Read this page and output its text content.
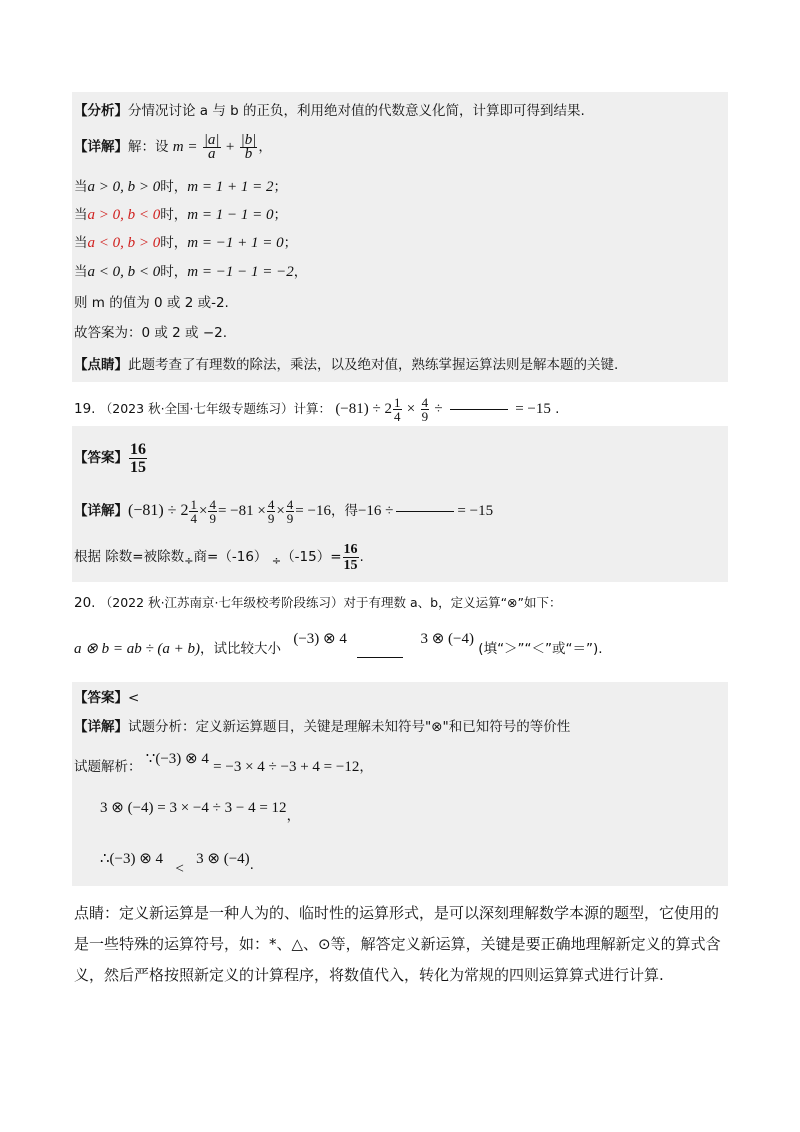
【分析】分情况讨论 a 与 b 的正负，利用绝对值的代数意义化简，计算即可得到结果.
【详解】解：设 $m = \frac{|a|}{a} + \frac{|b|}{b}$ ，
当a > 0, b > 0时，m = 1 + 1 = 2；
当a > 0, b < 0时，m = 1 − 1 = 0；
当a < 0, b > 0时，m = −1 + 1 = 0；
当a < 0, b < 0时，m = −1 − 1 = −2，
则 m 的值为 0 或 2 或-2.
故答案为：0 或 2 或 −2.
【点睛】此题考查了有理数的除法，乘法，以及绝对值，熟练掌握运算法则是解本题的关键.
19. （2023 秋·全国·七年级专题练习）计算： $(-81) \div 2 \frac{1}{4} \times \frac{4}{9}$ ÷	= −15 .
【答案】 $\frac{16}{15}$
【详解】$(-81) \div 2 \frac{1}{4} \times \frac{4}{9} = -81 \times \frac{4}{9} \times \frac{4}{9} = -16$，得−16 ÷	= −15
根据 除数=被除数$_\div$商=（-16） $_\div(-15)= \frac{16}{15}$ .
20. （2022 秋·江苏南京·七年级校考阶段练习）对于有理数 a、b，定义运算“⊗”如下：
a ⊗ b = ab ÷ (a + b)，试比较大小 (−3) ⊗ 4	3 ⊗ (−4) (填“＞”“＜”或“＝”).
【答案】<
【详解】试题分析：定义新运算题目，关键是理解未知符号"⊗"和已知符号的等价性
试题解析： ∵(−3) ⊗ 4 = −3 × 4 ÷ −3 + 4 = −12，
3 ⊗ (−4) = 3 × −4 ÷ 3 − 4 = 12，
∴(−3) ⊗ 4 < 3 ⊗ (−4).
点睛：定义新运算是一种人为的、临时性的运算形式，是可以深刻理解数学本源的题型，它使用的是一些特殊的运算符号，如：*、△、⊙等，解答定义新运算，关键是要正确地理解新定义的算式含义，然后严格按照新定义的计算程序，将数值代入，转化为常规的四则运算算式进行计算.
